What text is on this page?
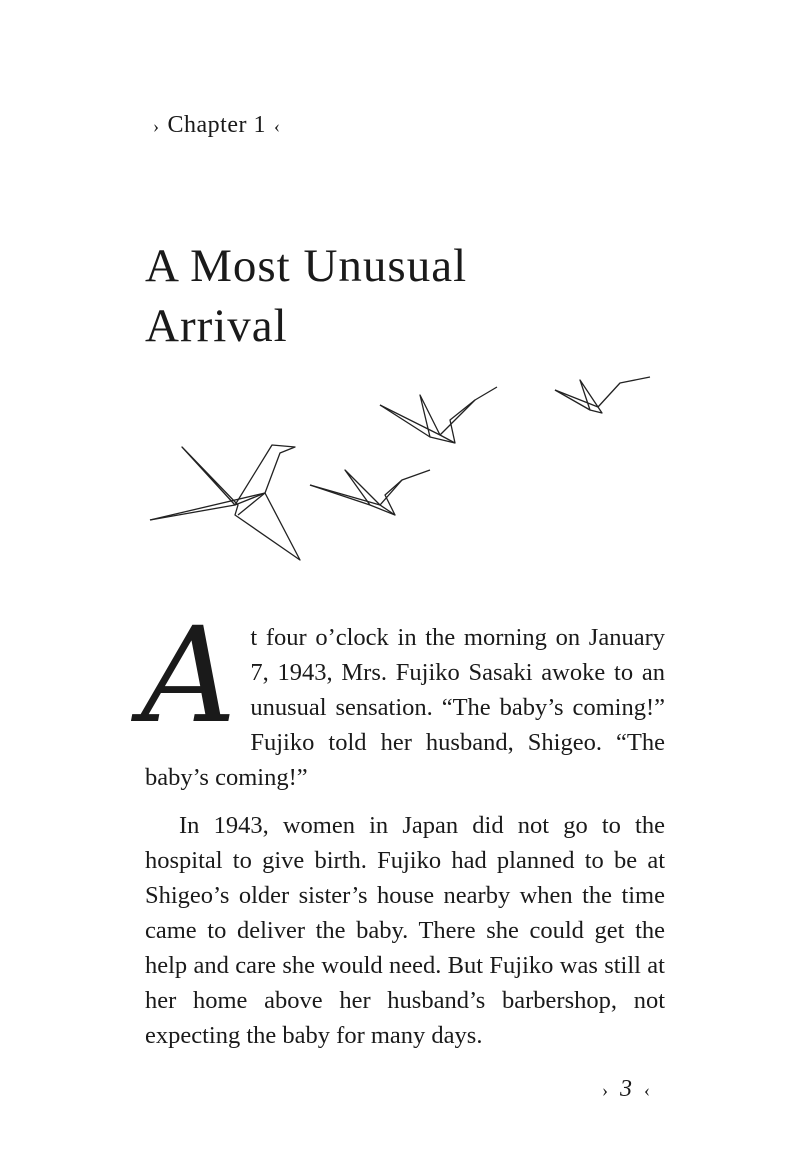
› Chapter 1 ‹
A Most Unusual
Arrival

At four o’clock in the morning on January 7, 1943, Mrs. Fujiko Sasaki awoke to an unusual sensation. “The baby’s coming!” Fujiko told her husband, Shigeo. “The baby’s coming!”

In 1943, women in Japan did not go to the hospital to give birth. Fujiko had planned to be at Shigeo’s older sister’s house nearby when the time came to deliver the baby. There she could get the help and care she would need. But Fujiko was still at her home above her husband’s barbershop, not expecting the baby for many days.

› 3 ‹
